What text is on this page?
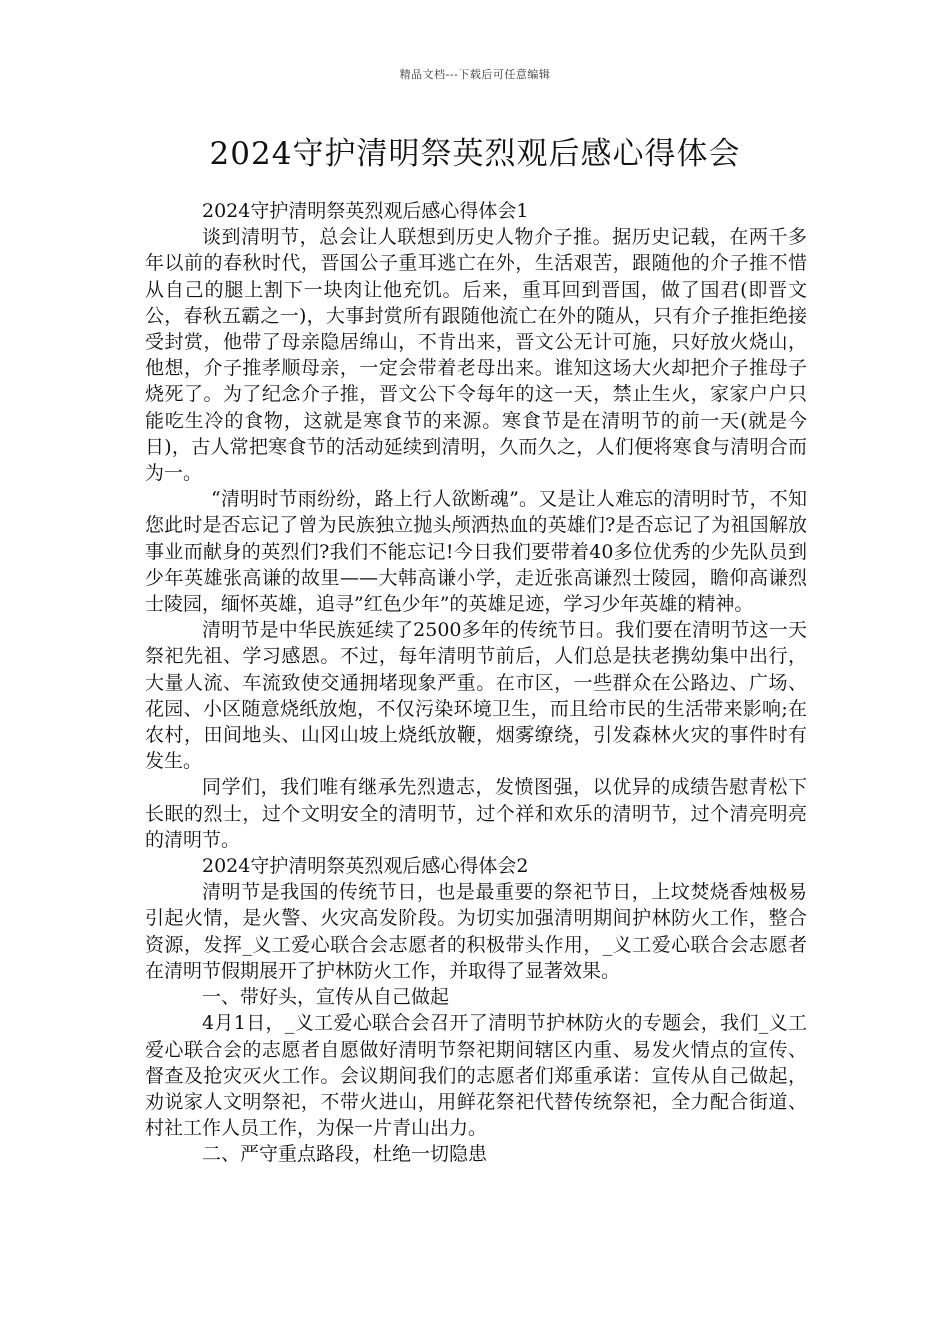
精品文档---下载后可任意编辑
2024守护清明祭英烈观后感心得体会

2024守护清明祭英烈观后感心得体会1

谈到清明节，总会让人联想到历史人物介子推。据历史记载，在两千多年以前的春秋时代，晋国公子重耳逃亡在外，生活艰苦，跟随他的介子推不惜从自己的腿上割下一块肉让他充饥。后来，重耳回到晋国，做了国君(即晋文公，春秋五霸之一)，大事封赏所有跟随他流亡在外的随从，只有介子推拒绝接受封赏，他带了母亲隐居绵山，不肯出来，晋文公无计可施，只好放火烧山，他想，介子推孝顺母亲，一定会带着老母出来。谁知这场大火却把介子推母子烧死了。为了纪念介子推，晋文公下令每年的这一天，禁止生火，家家户户只能吃生冷的食物，这就是寒食节的来源。寒食节是在清明节的前一天(就是今日)，古人常把寒食节的活动延续到清明，久而久之，人们便将寒食与清明合而为一。

“清明时节雨纷纷，路上行人欲断魂”。又是让人难忘的清明时节，不知您此时是否忘记了曾为民族独立抛头颅洒热血的英雄们?是否忘记了为祖国解放事业而献身的英烈们?我们不能忘记!今日我们要带着40多位优秀的少先队员到少年英雄张高谦的故里——大韩高谦小学，走近张高谦烈士陵园，瞻仰高谦烈士陵园，缅怀英雄，追寻”红色少年”的英雄足迹，学习少年英雄的精神。

清明节是中华民族延续了2500多年的传统节日。我们要在清明节这一天祭祀先祖、学习感恩。不过，每年清明节前后，人们总是扶老携幼集中出行，大量人流、车流致使交通拥堵现象严重。在市区，一些群众在公路边、广场、花园、小区随意烧纸放炮，不仅污染环境卫生，而且给市民的生活带来影响;在农村，田间地头、山冈山坡上烧纸放鞭，烟雾缭绕，引发森林火灾的事件时有发生。

同学们，我们唯有继承先烈遗志，发愤图强，以优异的成绩告慰青松下长眠的烈士，过个文明安全的清明节，过个祥和欢乐的清明节，过个清亮明亮的清明节。

2024守护清明祭英烈观后感心得体会2

清明节是我国的传统节日，也是最重要的祭祀节日，上坟焚烧香烛极易引起火情，是火警、火灾高发阶段。为切实加强清明期间护林防火工作，整合资源，发挥_义工爱心联合会志愿者的积极带头作用，_义工爱心联合会志愿者在清明节假期展开了护林防火工作，并取得了显著效果。

一、带好头，宣传从自己做起

4月1日，_义工爱心联合会召开了清明节护林防火的专题会，我们_义工爱心联合会的志愿者自愿做好清明节祭祀期间辖区内重、易发火情点的宣传、督查及抢灾灭火工作。会议期间我们的志愿者们郑重承诺：宣传从自己做起，劝说家人文明祭祀，不带火进山，用鲜花祭祀代替传统祭祀，全力配合街道、村社工作人员工作，为保一片青山出力。

二、严守重点路段，杜绝一切隐患
